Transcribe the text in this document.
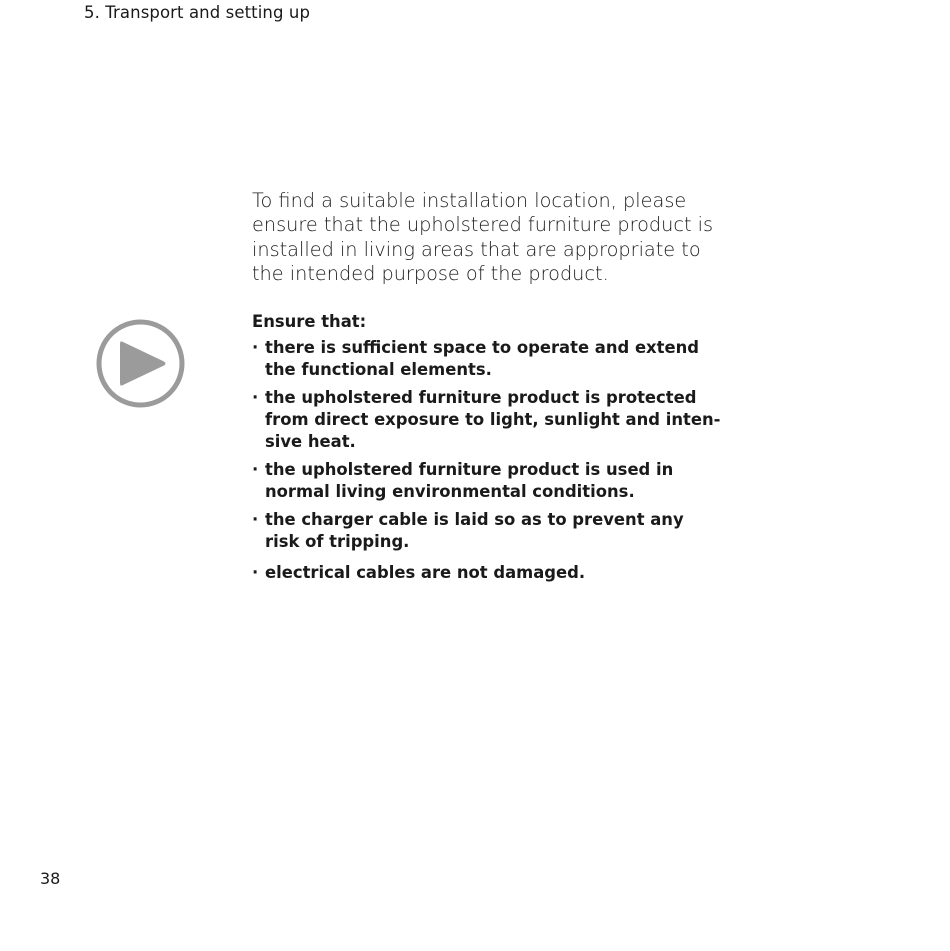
5. Transport and setting up

To find a suitable installation location, please ensure that the upholstered furniture product is installed in living areas that are appropriate to the intended purpose of the product.

Ensure that:

· there is sufficient space to operate and extend the functional elements.
· the upholstered furniture product is protected from direct exposure to light, sunlight and inten-sive heat.
· the upholstered furniture product is used in normal living environmental conditions.
· the charger cable is laid so as to prevent any risk of tripping.
· electrical cables are not damaged.
38
